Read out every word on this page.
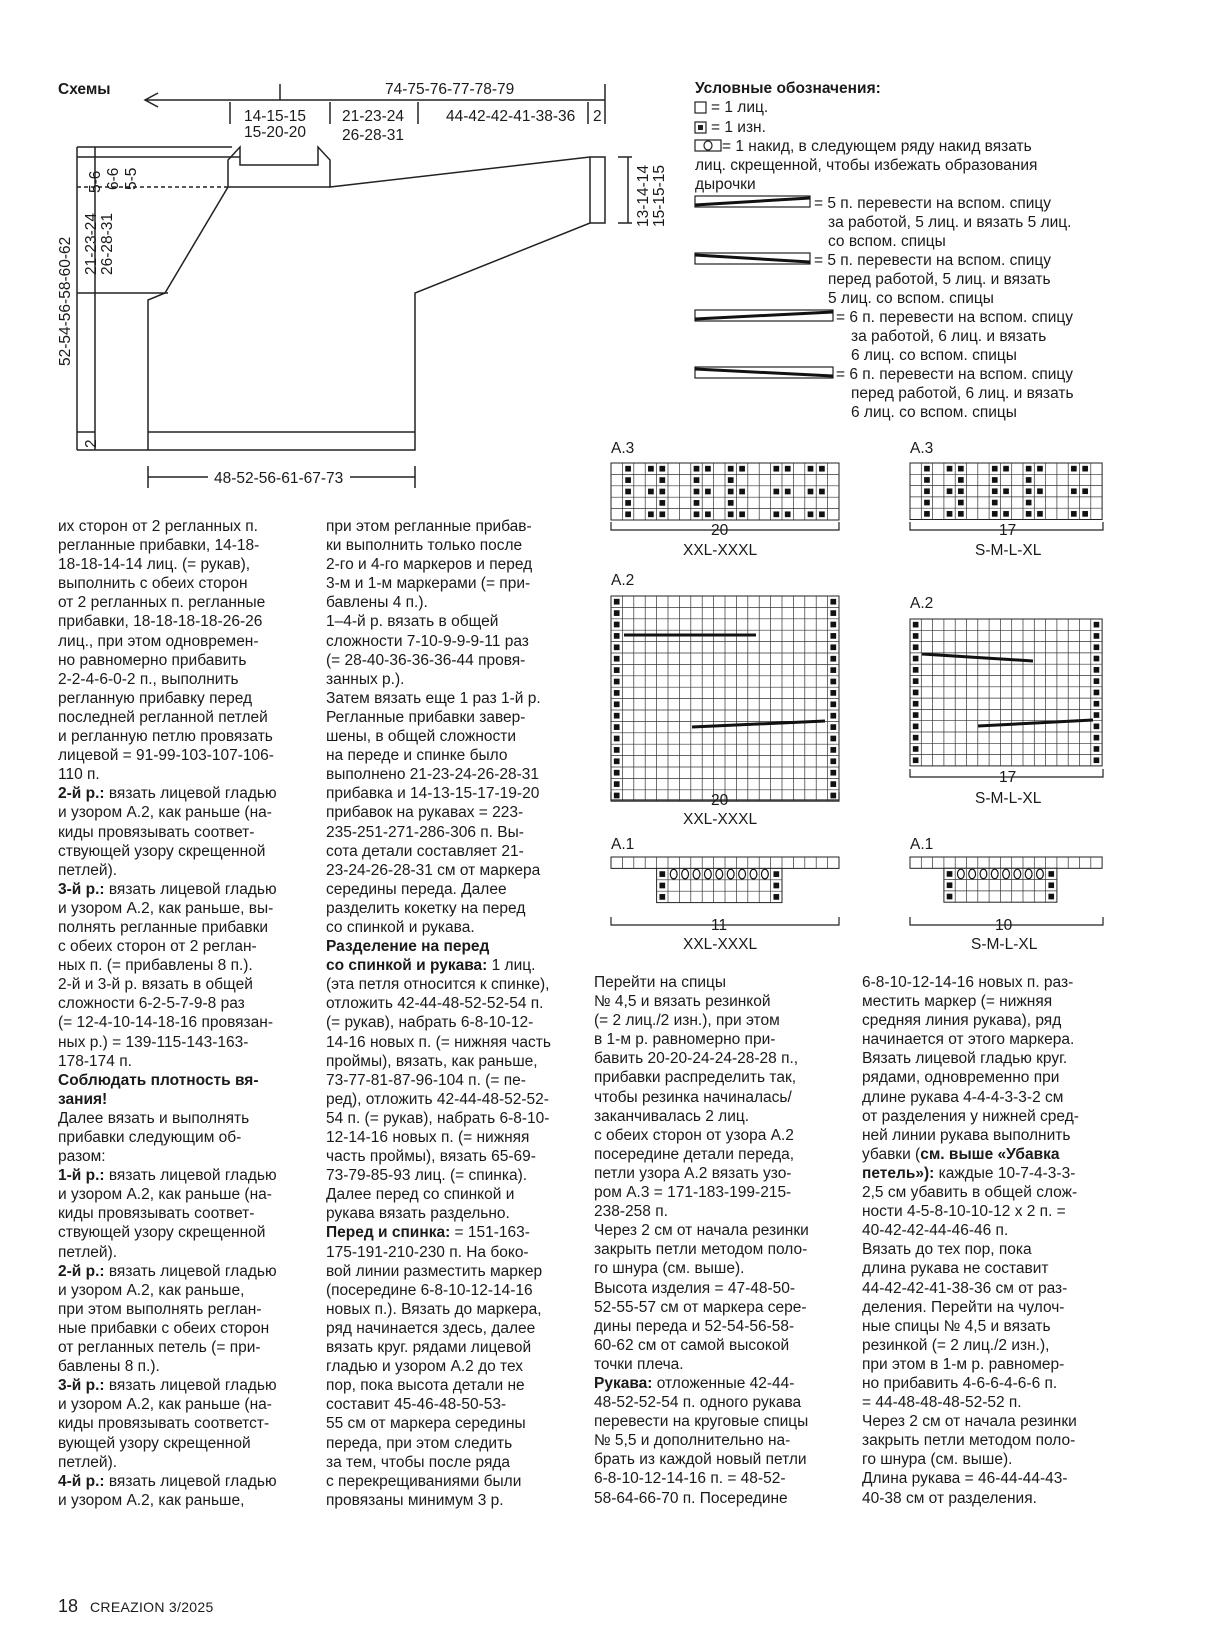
Схемы	74-75-76-77-78-79
14-15-15
15-20-20
21-23-24
26-28-31
44-42-42-41-38-36 2
5-6 6-6 5-5
21-23-24 26-28-31
52-54-56-58-60-62
2
13-14-14 15-15-15
48-52-56-61-67-73
Условные обозначения:
= 1 лиц.
= 1 изн.
= 1 накид, в следующем ряду накид вязать
лиц. скрещенной, чтобы избежать образования
дырочки
= 5 п. перевести на вспом. спицу
за работой, 5 лиц. и вязать 5 лиц.
со вспом. спицы
= 5 п. перевести на вспом. спицу
перед работой, 5 лиц. и вязать
5 лиц. со вспом. спицы
= 6 п. перевести на вспом. спицу
за работой, 6 лиц. и вязать
6 лиц. со вспом. спицы
= 6 п. перевести на вспом. спицу
перед работой, 6 лиц. и вязать
6 лиц. со вспом. спицы
A.3	A.3
A.2
A.2
A.1	A.1
20
XXL-XXXL
17
S-M-L-XL
20
XXL-XXXL
17
S-M-L-XL
11
XXL-XXXL
10
S-M-L-XL
их сторон от 2 регланных п.
регланные прибавки, 14-18-
18-18-14-14 лиц. (= рукав),
выполнить с обеих сторон
от 2 регланных п. регланные
прибавки, 18-18-18-18-26-26
лиц., при этом одновремен-
но равномерно прибавить
2-2-4-6-0-2 п., выполнить
регланную прибавку перед
последней регланной петлей
и регланную петлю провязать
лицевой = 91-99-103-107-106-
110 п.
2-й р.: вязать лицевой гладью
и узором А.2, как раньше (на-
киды провязывать соответ-
ствующей узору скрещенной
петлей).
3-й р.: вязать лицевой гладью
и узором А.2, как раньше, вы-
полнять регланные прибавки
с обеих сторон от 2 реглан-
ных п. (= прибавлены 8 п.).
2-й и 3-й р. вязать в общей
сложности 6-2-5-7-9-8 раз
(= 12-4-10-14-18-16 провязан-
ных р.) = 139-115-143-163-
178-174 п.
Соблюдать плотность вя-
зания!
Далее вязать и выполнять
прибавки следующим об-
разом:
1-й р.: вязать лицевой гладью
и узором А.2, как раньше (на-
киды провязывать соответ-
ствующей узору скрещенной
петлей).
2-й р.: вязать лицевой гладью
и узором А.2, как раньше,
при этом выполнять реглан-
ные прибавки с обеих сторон
от регланных петель (= при-
бавлены 8 п.).
3-й р.: вязать лицевой гладью
и узором А.2, как раньше (на-
киды провязывать соответст-
вующей узору скрещенной
петлей).
4-й р.: вязать лицевой гладью
и узором А.2, как раньше,
при этом регланные прибав-
ки выполнить только после
2-го и 4-го маркеров и перед
3-м и 1-м маркерами (= при-
бавлены 4 п.).
1–4-й р. вязать в общей
сложности 7-10-9-9-9-11 раз
(= 28-40-36-36-36-44 провя-
занных р.).
Затем вязать еще 1 раз 1-й р.
Регланные прибавки завер-
шены, в общей сложности
на переде и спинке было
выполнено 21-23-24-26-28-31
прибавка и 14-13-15-17-19-20
прибавок на рукавах = 223-
235-251-271-286-306 п. Вы-
сота детали составляет 21-
23-24-26-28-31 см от маркера
середины переда. Далее
разделить кокетку на перед
со спинкой и рукава.
Разделение на перед
со спинкой и рукава: 1 лиц.
(эта петля относится к спинке),
отложить 42-44-48-52-52-54 п.
(= рукав), набрать 6-8-10-12-
14-16 новых п. (= нижняя часть
проймы), вязать, как раньше,
73-77-81-87-96-104 п. (= пе-
ред), отложить 42-44-48-52-52-
54 п. (= рукав), набрать 6-8-10-
12-14-16 новых п. (= нижняя
часть проймы), вязать 65-69-
73-79-85-93 лиц. (= спинка).
Далее перед со спинкой и
рукава вязать раздельно.
Перед и спинка: = 151-163-
175-191-210-230 п. На боко-
вой линии разместить маркер
(посередине 6-8-10-12-14-16
новых п.). Вязать до маркера,
ряд начинается здесь, далее
вязать круг. рядами лицевой
гладью и узором А.2 до тех
пор, пока высота детали не
составит 45-46-48-50-53-
55 см от маркера середины
переда, при этом следить
за тем, чтобы после ряда
с перекрещиваниями были
провязаны минимум 3 р.
Перейти на спицы
№ 4,5 и вязать резинкой
(= 2 лиц./2 изн.), при этом
в 1-м р. равномерно при-
бавить 20-20-24-24-28-28 п.,
прибавки распределить так,
чтобы резинка начиналась/
заканчивалась 2 лиц.
с обеих сторон от узора А.2
посередине детали переда,
петли узора А.2 вязать узо-
ром А.3 = 171-183-199-215-
238-258 п.
Через 2 см от начала резинки
закрыть петли методом поло-
го шнура (см. выше).
Высота изделия = 47-48-50-
52-55-57 см от маркера сере-
дины переда и 52-54-56-58-
60-62 см от самой высокой
точки плеча.
Рукава: отложенные 42-44-
48-52-52-54 п. одного рукава
перевести на круговые спицы
№ 5,5 и дополнительно на-
брать из каждой новый петли
6-8-10-12-14-16 п. = 48-52-
58-64-66-70 п. Посередине
6-8-10-12-14-16 новых п. раз-
местить маркер (= нижняя
средняя линия рукава), ряд
начинается от этого маркера.
Вязать лицевой гладью круг.
рядами, одновременно при
длине рукава 4-4-4-3-3-2 см
от разделения у нижней сред-
ней линии рукава выполнить
убавки (см. выше «Убавка
петель»): каждые 10-7-4-3-3-
2,5 см убавить в общей слож-
ности 4-5-8-10-10-12 x 2 п. =
40-42-42-44-46-46 п.
Вязать до тех пор, пока
длина рукава не составит
44-42-42-41-38-36 см от раз-
деления. Перейти на чулоч-
ные спицы № 4,5 и вязать
резинкой (= 2 лиц./2 изн.),
при этом в 1-м р. равномер-
но прибавить 4-6-6-4-6-6 п.
= 44-48-48-48-52-52 п.
Через 2 см от начала резинки
закрыть петли методом поло-
го шнура (см. выше).
Длина рукава = 46-44-44-43-
40-38 см от разделения.
18 CREAZION 3/2025
